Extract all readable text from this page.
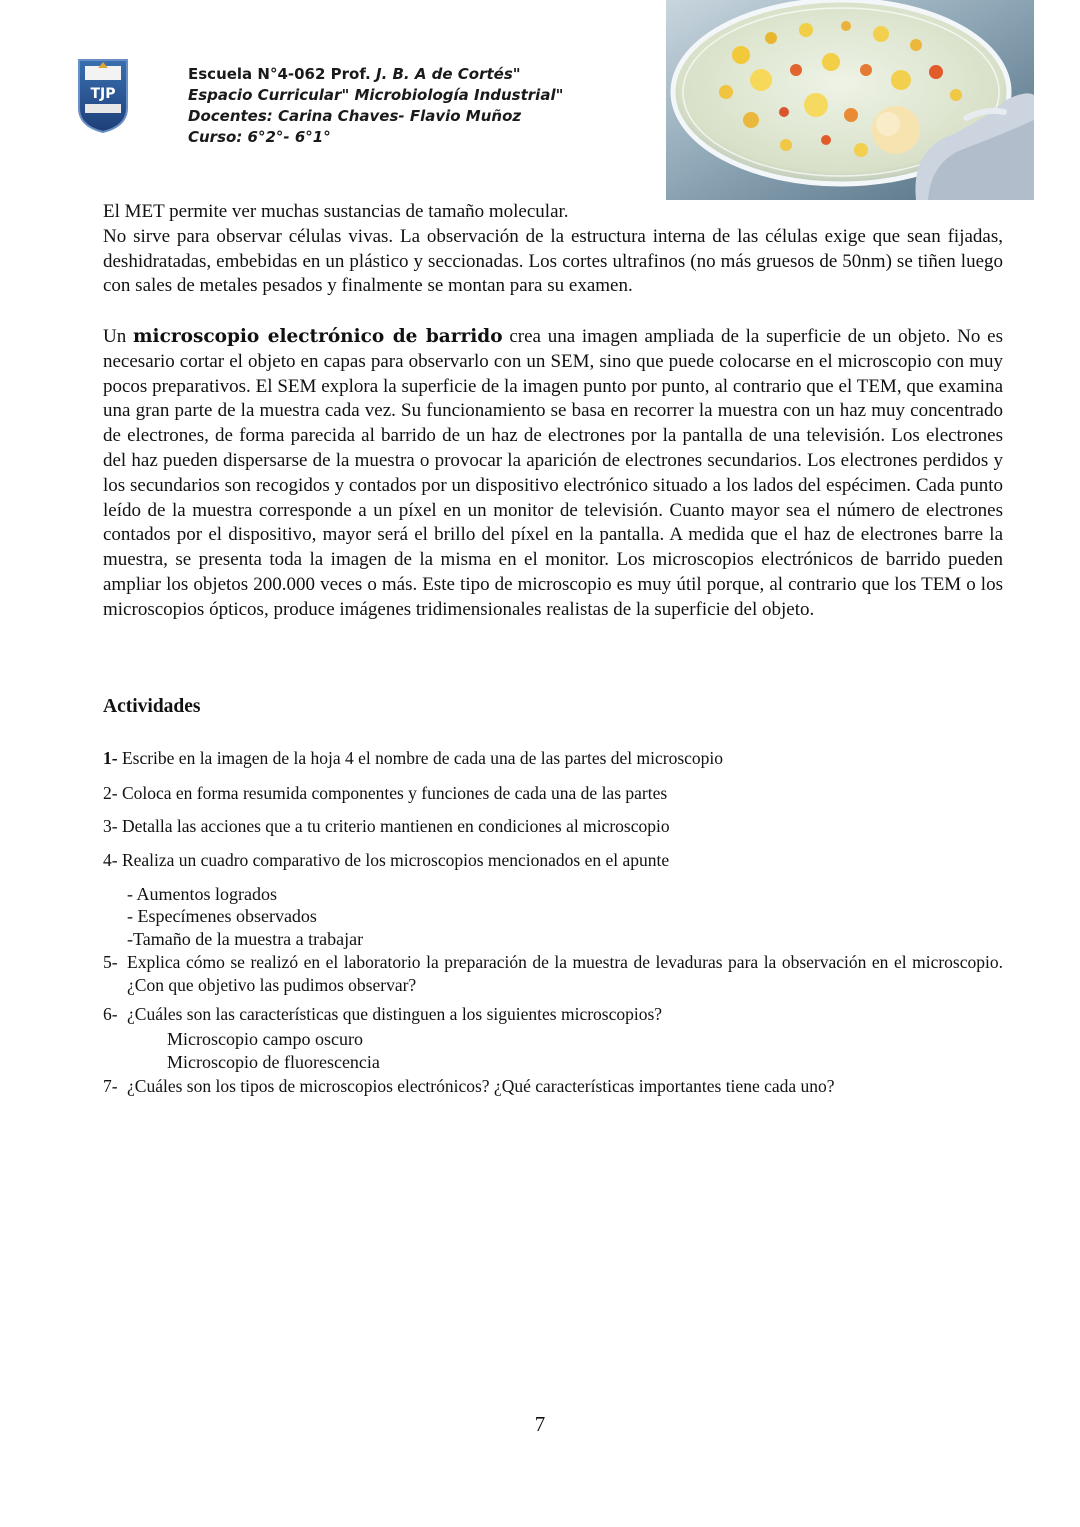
TJP
Escuela N°4-062 Prof. J. B. A de Cortés"
Espacio Curricular" Microbiología Industrial"
Docentes: Carina Chaves- Flavio Muñoz
Curso: 6°2°- 6°1°

El MET permite ver muchas sustancias de tamaño molecular.

No sirve para observar células vivas. La observación de la estructura interna de las células exige que sean fijadas, deshidratadas, embebidas en un plástico y seccionadas. Los cortes ultrafinos (no más gruesos de 50nm) se tiñen luego con sales de metales pesados y finalmente se montan para su examen.

Un microscopio electrónico de barrido crea una imagen ampliada de la superficie de un objeto. No es necesario cortar el objeto en capas para observarlo con un SEM, sino que puede colocarse en el microscopio con muy pocos preparativos. El SEM explora la superficie de la imagen punto por punto, al contrario que el TEM, que examina una gran parte de la muestra cada vez. Su funcionamiento se basa en recorrer la muestra con un haz muy concentrado de electrones, de forma parecida al barrido de un haz de electrones por la pantalla de una televisión. Los electrones del haz pueden dispersarse de la muestra o provocar la aparición de electrones secundarios. Los electrones perdidos y los secundarios son recogidos y contados por un dispositivo electrónico situado a los lados del espécimen. Cada punto leído de la muestra corresponde a un píxel en un monitor de televisión. Cuanto mayor sea el número de electrones contados por el dispositivo, mayor será el brillo del píxel en la pantalla. A medida que el haz de electrones barre la muestra, se presenta toda la imagen de la misma en el monitor. Los microscopios electrónicos de barrido pueden ampliar los objetos 200.000 veces o más. Este tipo de microscopio es muy útil porque, al contrario que los TEM o los microscopios ópticos, produce imágenes tridimensionales realistas de la superficie del objeto.

Actividades
1- Escribe en la imagen de la hoja 4 el nombre de cada una de las partes del microscopio
2- Coloca en forma resumida componentes y funciones de cada una de las partes
3- Detalla las acciones que a tu criterio mantienen en condiciones al microscopio
4- Realiza un cuadro comparativo de los microscopios mencionados en el apunte
- Aumentos logrados
- Especímenes observados
-Tamaño de la muestra a trabajar
5- Explica cómo se realizó en el laboratorio la preparación de la muestra de levaduras para la observación en el microscopio. ¿Con que objetivo las pudimos observar?
6- ¿Cuáles son las características que distinguen a los siguientes microscopios?
Microscopio campo oscuro
Microscopio de fluorescencia
7- ¿Cuáles son los tipos de microscopios electrónicos? ¿Qué características importantes tiene cada uno?
7
